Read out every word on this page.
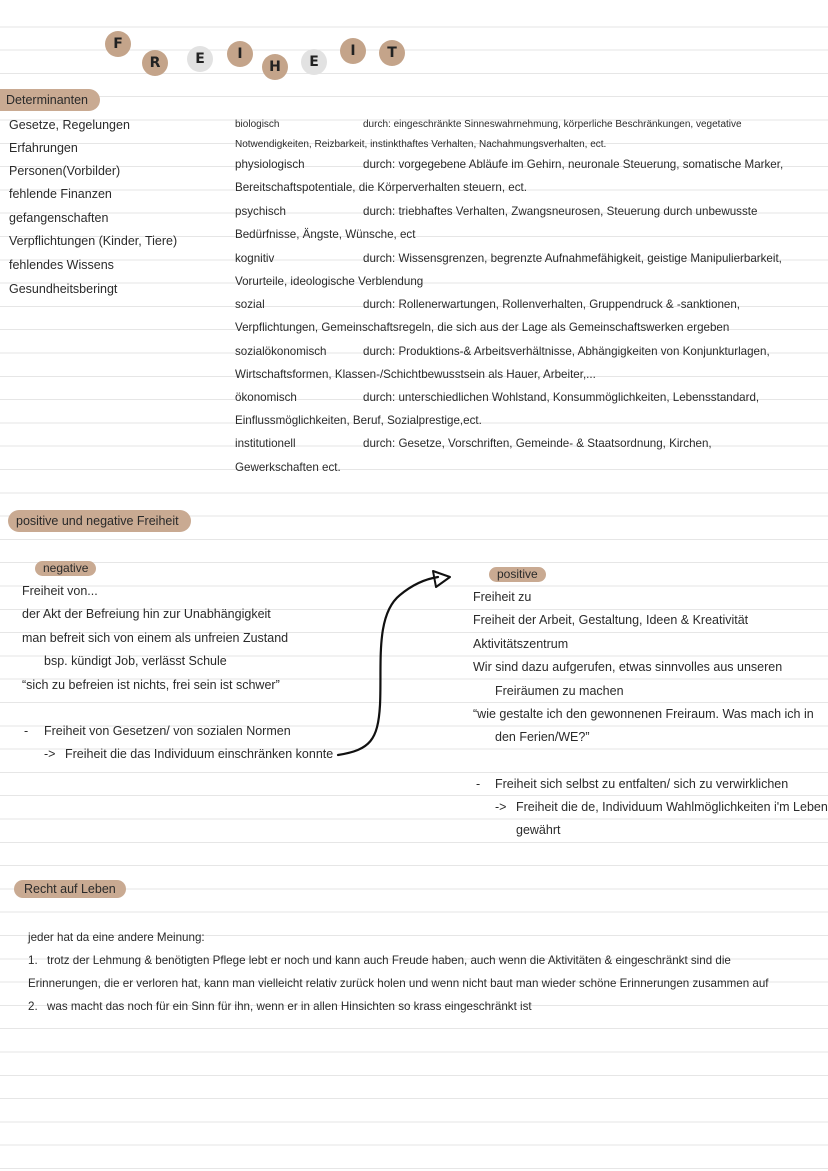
F
R E I
H E
I T
Determinanten
Gesetze, Regelungen
Erfahrungen
Personen(Vorbilder)
fehlende Finanzen
gefangenschaften
Verpflichtungen (Kinder, Tiere)
fehlendes Wissens
Gesundheitsberingt
biologisch	durch: eingeschränkte Sinneswahrnehmung, körperliche Beschränkungen, vegetative
Notwendigkeiten, Reizbarkeit, instinkthaftes Verhalten, Nachahmungsverhalten, ect.
physiologisch	durch: vorgegebene Abläufe im Gehirn, neuronale Steuerung, somatische Marker,
Bereitschaftspotentiale, die Körperverhalten steuern, ect.
psychisch	durch: triebhaftes Verhalten, Zwangsneurosen, Steuerung durch unbewusste
Bedürfnisse, Ängste, Wünsche, ect
kognitiv	durch: Wissensgrenzen, begrenzte Aufnahmefähigkeit, geistige Manipulierbarkeit,
Vorurteile, ideologische Verblendung
sozial	durch: Rollenerwartungen, Rollenverhalten, Gruppendruck & -sanktionen,
Verpflichtungen, Gemeinschaftsregeln, die sich aus der Lage als Gemeinschaftswerken ergeben
sozialökonomisch	durch: Produktions-& Arbeitsverhältnisse, Abhängigkeiten von Konjunkturlagen,
Wirtschaftsformen, Klassen-/Schichtbewusstsein als Hauer, Arbeiter,...
ökonomisch	durch: unterschiedlichen Wohlstand, Konsummöglichkeiten, Lebensstandard,
Einflussmöglichkeiten, Beruf, Sozialprestige,ect.
institutionell	durch: Gesetze, Vorschriften, Gemeinde- & Staatsordnung, Kirchen,
Gewerkschaften ect.
positive und negative Freiheit
negative
Freiheit von...
der Akt der Befreiung hin zur Unabhängigkeit
man befreit sich von einem als unfreien Zustand
bsp. kündigt Job, verlässt Schule
“sich zu befreien ist nichts, frei sein ist schwer”
- Freiheit von Gesetzen/ von sozialen Normen
-> Freiheit die das Individuum einschränken konnte
positive
Freiheit zu
Freiheit der Arbeit, Gestaltung, Ideen & Kreativität
Aktivitätszentrum
Wir sind dazu aufgerufen, etwas sinnvolles aus unseren
Freiräumen zu machen
“wie gestalte ich den gewonnenen Freiraum. Was mach ich in
den Ferien/WE?”
- Freiheit sich selbst zu entfalten/ sich zu verwirklichen
-> Freiheit die de, Individuum Wahlmöglichkeiten i'm Leben
gewährt
Recht auf Leben
jeder hat da eine andere Meinung:
1. trotz der Lehmung & benötigten Pflege lebt er noch und kann auch Freude haben, auch wenn die Aktivitäten & eingeschränkt sind die
Erinnerungen, die er verloren hat, kann man vielleicht relativ zurück holen und wenn nicht baut man wieder schöne Erinnerungen zusammen auf
2. was macht das noch für ein Sinn für ihn, wenn er in allen Hinsichten so krass eingeschränkt ist
